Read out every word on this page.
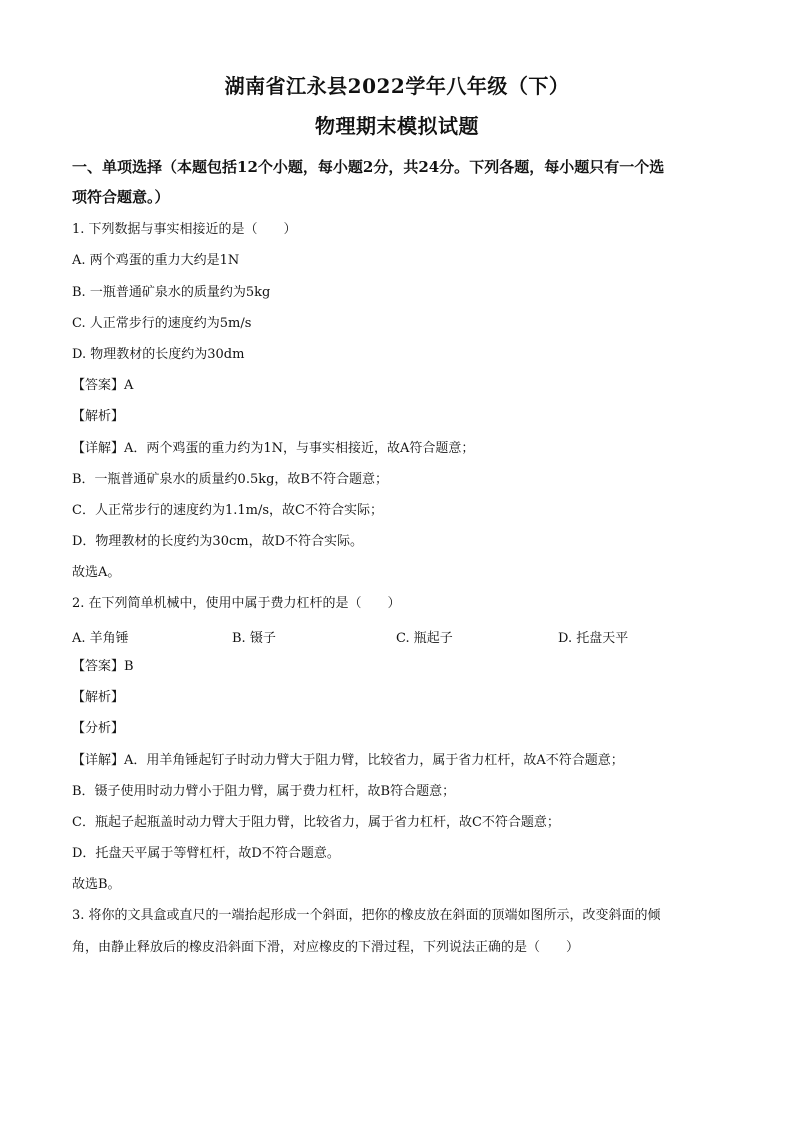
湖南省江永县2022学年八年级（下）
物理期末模拟试题
一、单项选择（本题包括12个小题，每小题2分，共24分。下列各题，每小题只有一个选
项符合题意。）
1. 下列数据与事实相接近的是（　　）
A. 两个鸡蛋的重力大约是1N
B. 一瓶普通矿泉水的质量约为5kg
C. 人正常步行的速度约为5m/s
D. 物理教材的长度约为30dm
【答案】A
【解析】
【详解】A．两个鸡蛋的重力约为1N，与事实相接近，故A符合题意；
B．一瓶普通矿泉水的质量约0.5kg，故B不符合题意；
C．人正常步行的速度约为1.1m/s，故C不符合实际；
D．物理教材的长度约为30cm，故D不符合实际。
故选A。
2. 在下列简单机械中，使用中属于费力杠杆的是（　　）
A. 羊角锤	B. 镊子	C. 瓶起子	D. 托盘天平
【答案】B
【解析】
【分析】
【详解】A．用羊角锤起钉子时动力臂大于阻力臂，比较省力，属于省力杠杆，故A不符合题意；
B．镊子使用时动力臂小于阻力臂，属于费力杠杆，故B符合题意；
C．瓶起子起瓶盖时动力臂大于阻力臂，比较省力，属于省力杠杆，故C不符合题意；
D．托盘天平属于等臂杠杆，故D不符合题意。
故选B。
3. 将你的文具盒或直尺的一端抬起形成一个斜面，把你的橡皮放在斜面的顶端如图所示，改变斜面的倾
角，由静止释放后的橡皮沿斜面下滑，对应橡皮的下滑过程，下列说法正确的是（　　）
